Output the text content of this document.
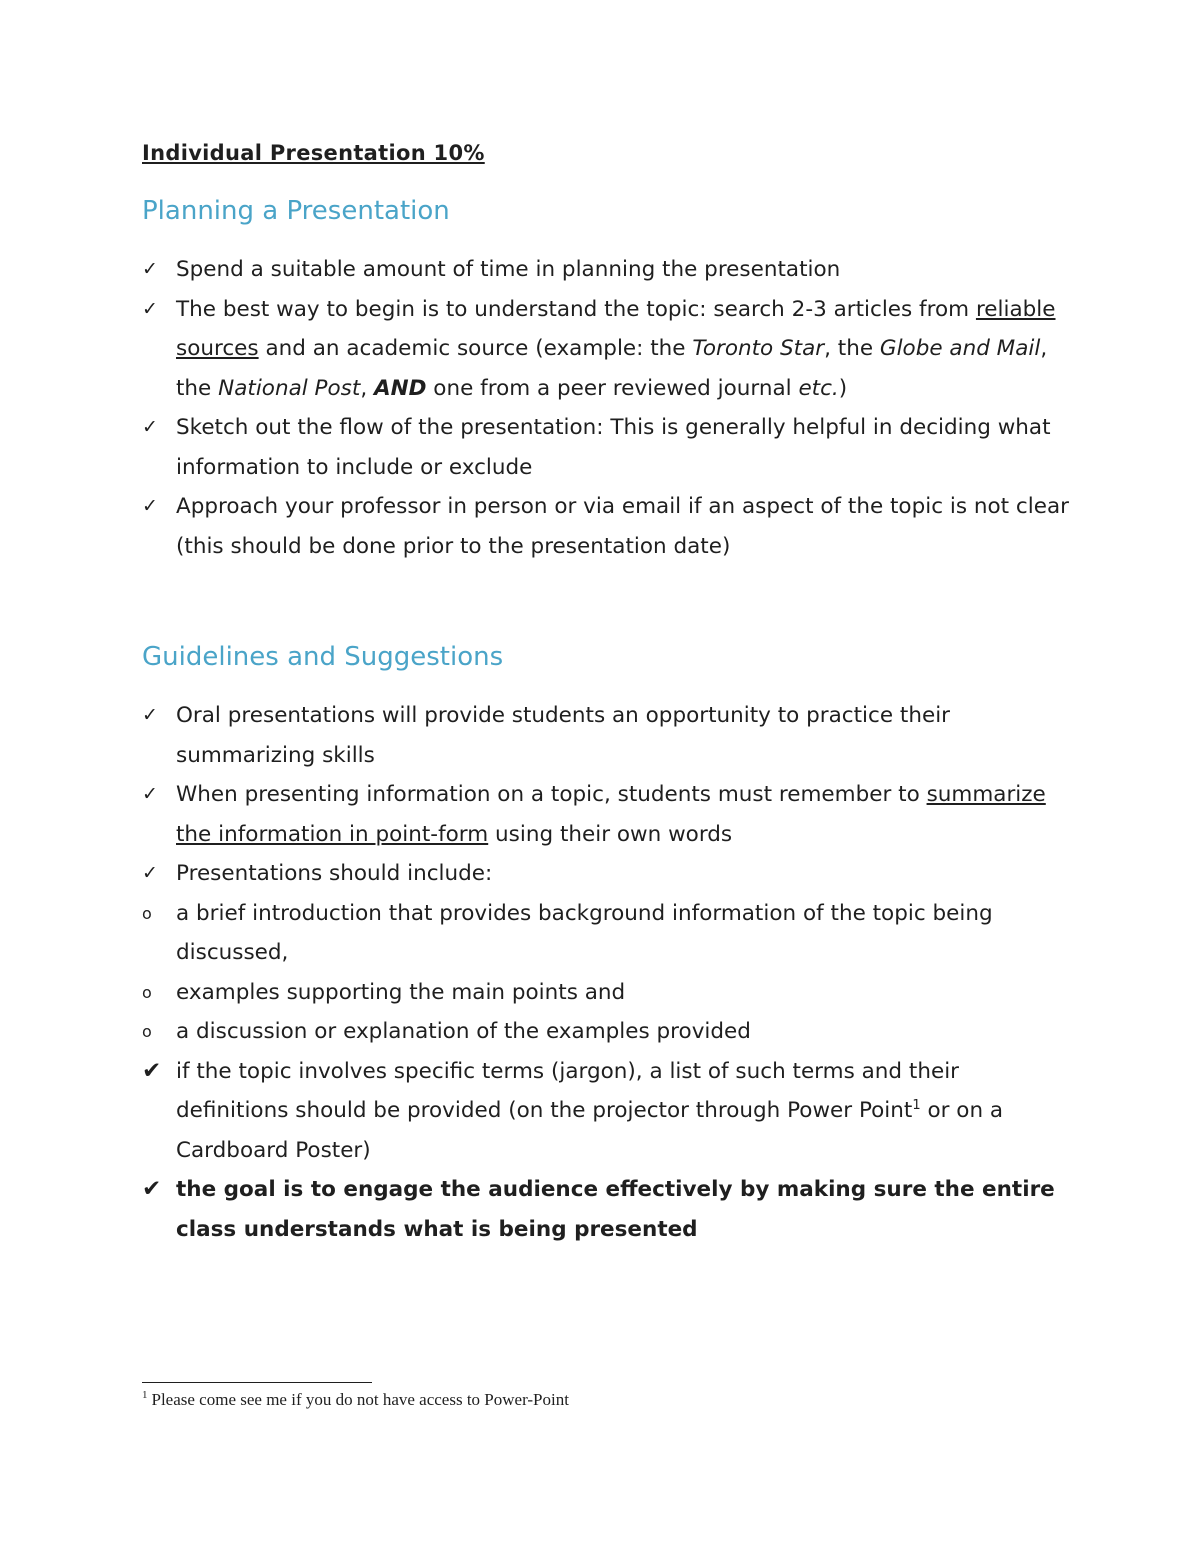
Individual Presentation 10%
Planning a Presentation
✓ Spend a suitable amount of time in planning the presentation
✓ The best way to begin is to understand the topic: search 2-3 articles from reliable sources and an academic source (example: the Toronto Star, the Globe and Mail, the National Post, AND one from a peer reviewed journal etc.)
✓ Sketch out the flow of the presentation: This is generally helpful in deciding what information to include or exclude
✓ Approach your professor in person or via email if an aspect of the topic is not clear (this should be done prior to the presentation date)
Guidelines and Suggestions
✓ Oral presentations will provide students an opportunity to practice their summarizing skills
✓ When presenting information on a topic, students must remember to summarize the information in point-form using their own words
✓ Presentations should include:
o	a brief introduction that provides background information of the topic being discussed,
o	examples supporting the main points and
o	a discussion or explanation of the examples provided
✔ if the topic involves specific terms (jargon), a list of such terms and their definitions should be provided (on the projector through Power Point$^1$ or on a Cardboard Poster)
✔ the goal is to engage the audience effectively by making sure the entire class understands what is being presented
$^1$ Please come see me if you do not have access to Power-Point
